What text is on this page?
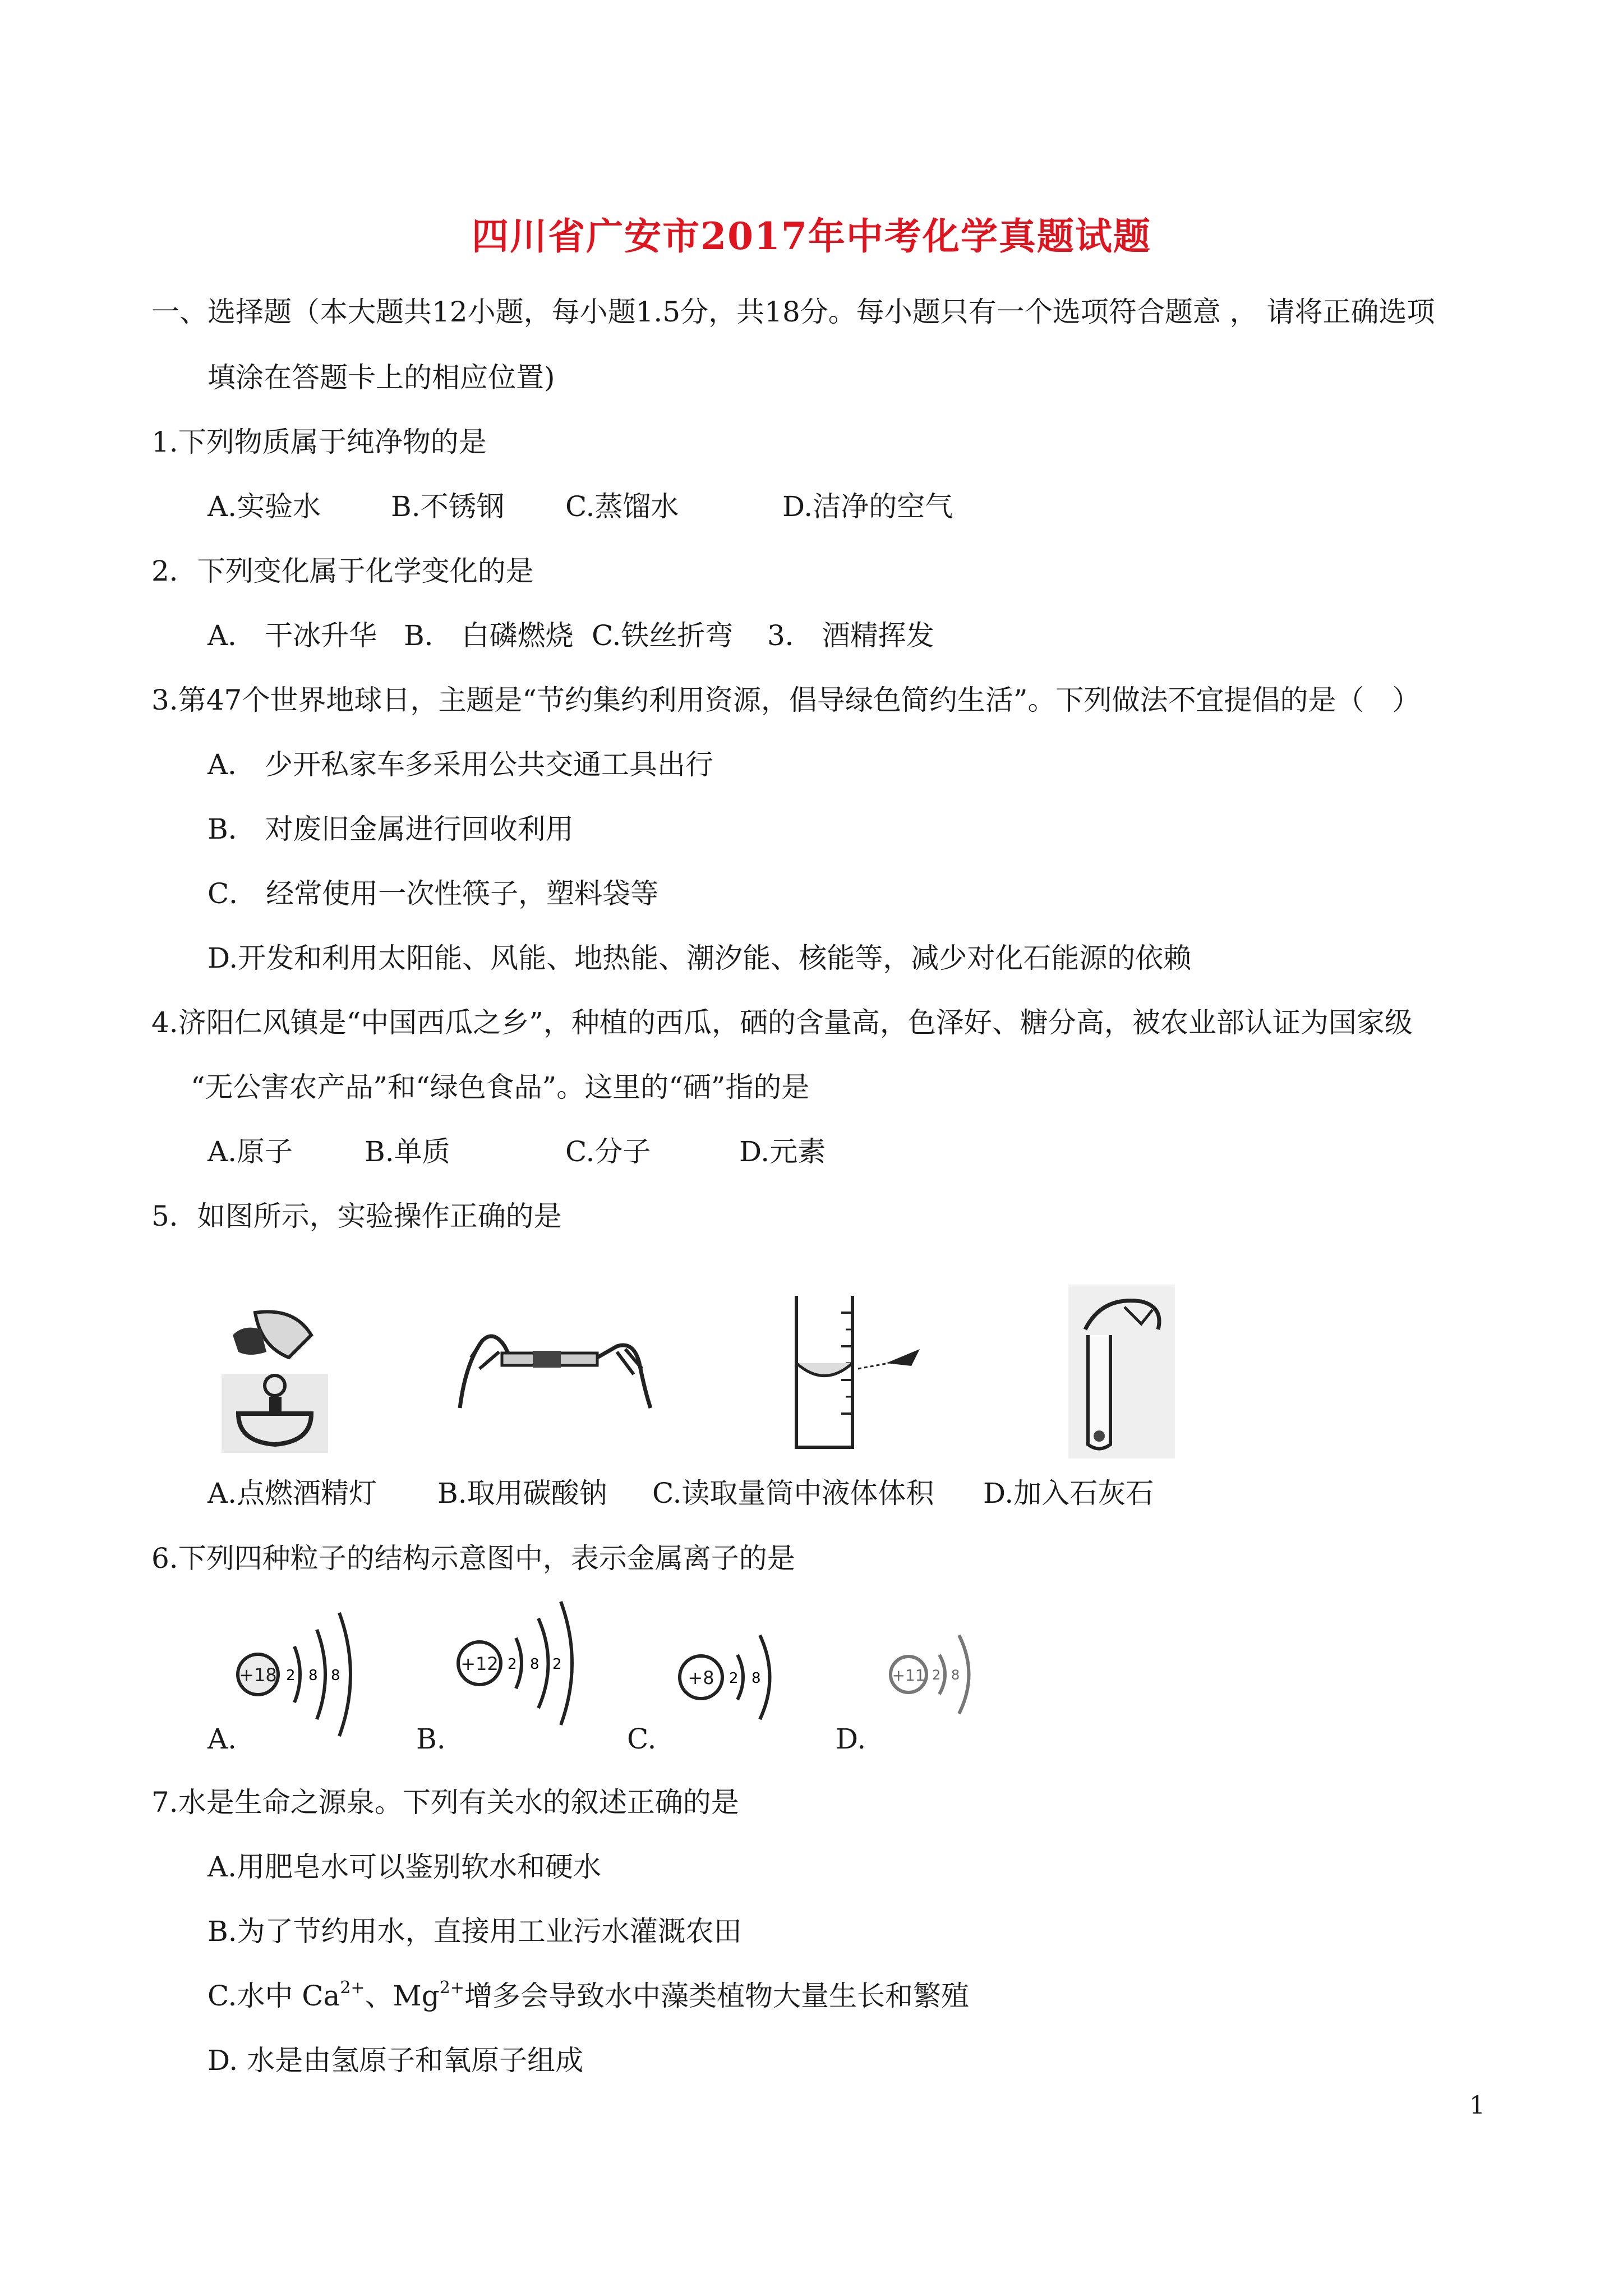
四川省广安市2017年中考化学真题试题
一、选择题（本大题共12小题，每小题1.5分，共18分。每小题只有一个选项符合题意 ， 请将正确选项
填涂在答题卡上的相应位置)
1.下列物质属于纯净物的是
A.实验水 B.不锈钢 C.蒸馏水	D.洁净的空气
2．下列变化属于化学变化的是
A． 干冰升华 B． 白磷燃烧 C.铁丝折弯 3． 酒精挥发
3.第47个世界地球日，主题是“节约集约利用资源，倡导绿色简约生活”。下列做法不宜提倡的是（　）
A． 少开私家车多采用公共交通工具出行
B． 对废旧金属进行回收利用
C． 经常使用一次性筷子，塑料袋等
D.开发和利用太阳能、风能、地热能、潮汐能、核能等，减少对化石能源的依赖
4.济阳仁风镇是“中国西瓜之乡”，种植的西瓜，硒的含量高，色泽好、糖分高，被农业部认证为国家级
“无公害农产品”和“绿色食品”。这里的“硒”指的是
A.原子	B.单质	C.分子	D.元素
5．如图所示，实验操作正确的是
A.点燃酒精灯 B.取用碳酸钠 C.读取量筒中液体体积 D.加入石灰石
6.下列四种粒子的结构示意图中，表示金属离子的是
+18 2 8 8
+12 2 8 2
+8 2 8	+11 2 8
A.	B.	C.	D.
7.水是生命之源泉。下列有关水的叙述正确的是
A.用肥皂水可以鉴别软水和硬水
B.为了节约用水，直接用工业污水灌溉农田
C.水中 $Ca^{2+}$、$Mg^{2+}$增多会导致水中藻类植物大量生长和繁殖
D. 水是由氢原子和氧原子组成
1
